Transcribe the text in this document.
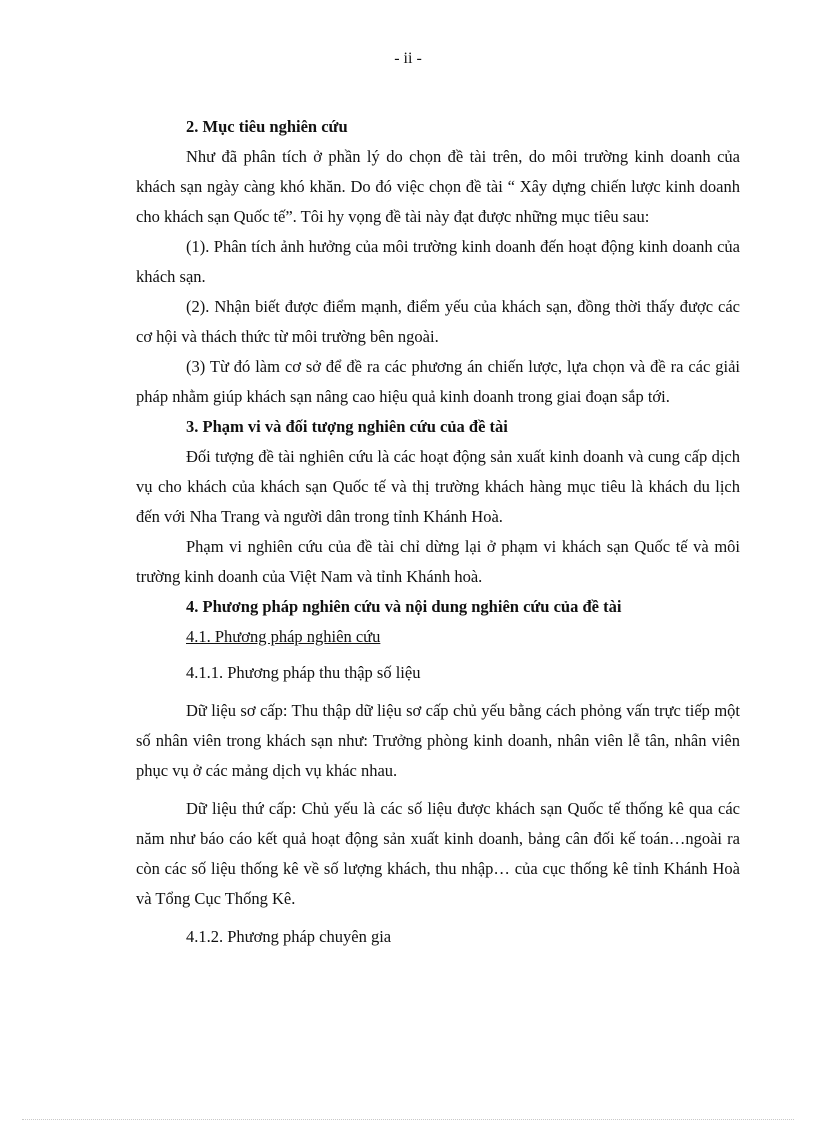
- ii -
2. Mục tiêu nghiên cứu

Như đã phân tích ở phần lý do chọn đề tài trên, do môi trường kinh doanh của khách sạn ngày càng khó khăn. Do đó việc chọn đề tài “ Xây dựng chiến lược kinh doanh cho khách sạn Quốc tế”. Tôi hy vọng đề tài này đạt được những mục tiêu sau:

(1). Phân tích ảnh hưởng của môi trường kinh doanh đến hoạt động kinh doanh của khách sạn.

(2). Nhận biết được điểm mạnh, điểm yếu của khách sạn, đồng thời thấy được các cơ hội và thách thức từ môi trường bên ngoài.

(3) Từ đó làm cơ sở để đề ra các phương án chiến lược, lựa chọn và đề ra các giải pháp nhằm giúp khách sạn nâng cao hiệu quả kinh doanh trong giai đoạn sắp tới.

3. Phạm vi và đối tượng nghiên cứu của đề tài

Đối tượng đề tài nghiên cứu là các hoạt động sản xuất kinh doanh và cung cấp dịch vụ cho khách của khách sạn Quốc tế và thị trường khách hàng mục tiêu là khách du lịch đến với Nha Trang và người dân trong tỉnh Khánh Hoà.

Phạm vi nghiên cứu của đề tài chỉ dừng lại ở phạm vi khách sạn Quốc tế và môi trường kinh doanh của Việt Nam và tỉnh Khánh hoà.

4. Phương pháp nghiên cứu và nội dung nghiên cứu của đề tài
4.1. Phương pháp nghiên cứu
4.1.1. Phương pháp thu thập số liệu

Dữ liệu sơ cấp: Thu thập dữ liệu sơ cấp chủ yếu bằng cách phỏng vấn trực tiếp một số nhân viên trong khách sạn như: Trưởng phòng kinh doanh, nhân viên lễ tân, nhân viên phục vụ ở các mảng dịch vụ khác nhau.

Dữ liệu thứ cấp: Chủ yếu là các số liệu được khách sạn Quốc tế thống kê qua các năm như báo cáo kết quả hoạt động sản xuất kinh doanh, bảng cân đối kế toán…ngoài ra còn các số liệu thống kê về số lượng khách, thu nhập… của cục thống kê tỉnh Khánh Hoà và Tổng Cục Thống Kê.

4.1.2. Phương pháp chuyên gia
